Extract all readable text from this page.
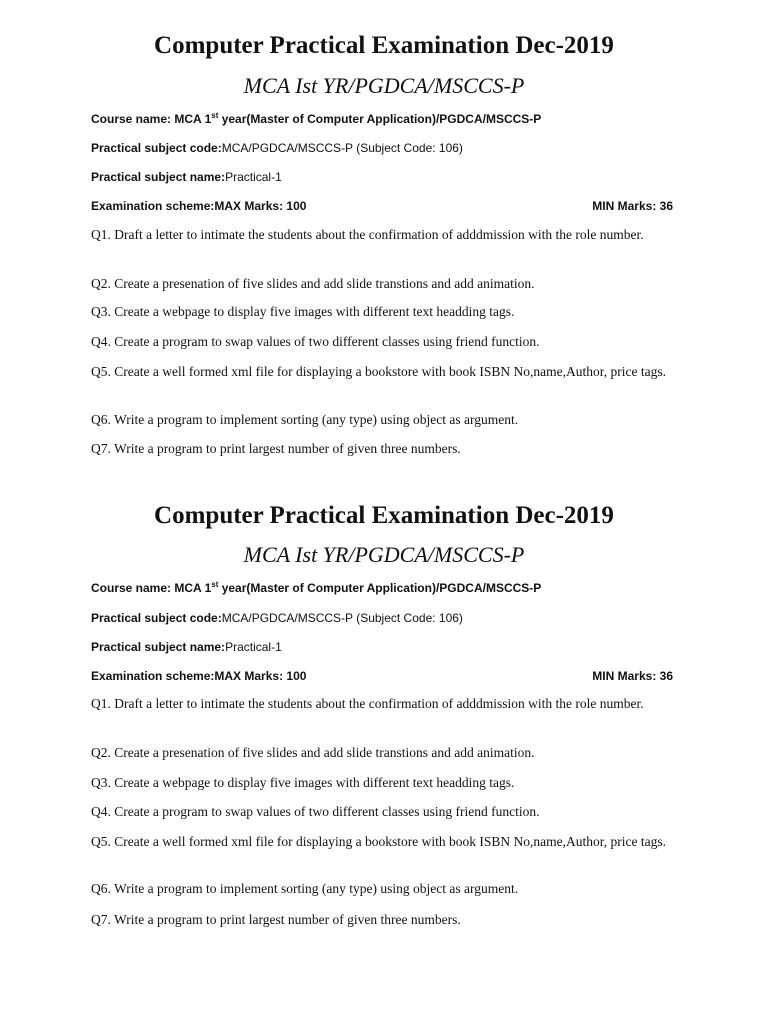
Computer Practical Examination Dec-2019
MCA Ist YR/PGDCA/MSCCS-P
Course name: MCA 1st year(Master of Computer Application)/PGDCA/MSCCS-P
Practical subject code:MCA/PGDCA/MSCCS-P (Subject Code: 106)
Practical subject name:Practical-1
Examination scheme:MAX Marks: 100	MIN Marks: 36
Q1. Draft a letter to intimate the students about the confirmation of adddmission with the role number.
Q2. Create a presenation of five slides and add slide transtions and add animation.
Q3. Create a webpage to display five images with different text headding tags.
Q4. Create a program to swap values of two different classes using friend function.
Q5. Create a well formed xml file for displaying a bookstore with book ISBN No,name,Author, price tags.
Q6. Write a program to implement sorting (any type) using object as argument.
Q7. Write a program to print largest number of given three numbers.
Computer Practical Examination Dec-2019
MCA Ist YR/PGDCA/MSCCS-P
Course name: MCA 1st year(Master of Computer Application)/PGDCA/MSCCS-P
Practical subject code:MCA/PGDCA/MSCCS-P (Subject Code: 106)
Practical subject name:Practical-1
Examination scheme:MAX Marks: 100	MIN Marks: 36
Q1. Draft a letter to intimate the students about the confirmation of adddmission with the role number.
Q2. Create a presenation of five slides and add slide transtions and add animation.
Q3. Create a webpage to display five images with different text headding tags.
Q4. Create a program to swap values of two different classes using friend function.
Q5. Create a well formed xml file for displaying a bookstore with book ISBN No,name,Author, price tags.
Q6. Write a program to implement sorting (any type) using object as argument.
Q7. Write a program to print largest number of given three numbers.
